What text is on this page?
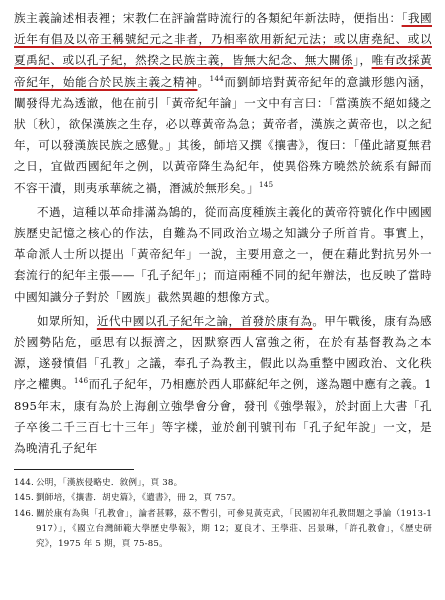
族主義論述相表裡；宋教仁在評論當時流行的各類紀年新法時，便指出：「我國近年有倡及以帝王稱號紀元之非者，乃相率欲用新紀元法；或以唐堯紀、或以夏禹紀、或以孔子紀，然揆之民族主義，皆無大紀念、無大關係」，唯有改採黃帝紀年，始能合於民族主義之精神。$^{144}$而劉師培對黃帝紀年的意識形態內涵，闡發得尤為透澈，他在前引「黃帝紀年論」一文中有言曰：「當漢族不絕如綫之狀〔秋〕，欲保漢族之生存，必以尊黃帝為急；黃帝者，漢族之黃帝也，以之紀年，可以發漢族民族之感覺。」其後，師培又撰《攘書》，復曰：「僅此諸夏無君之日，宜做西國紀年之例，以黃帝降生為紀年，使異俗殊方曉然於統系有歸而不容干瀆，則夷承華統之禍，潛滅於無形矣。」$^{145}$

不過，這種以革命排滿為鵠的，從而高度種族主義化的黃帝符號化作中國國族歷史記憶之核心的作法，自難為不同政治立場之知識分子所首肯。事實上，革命派人士所以提出「黃帝紀年」一說，主要用意之一，便在藉此對抗另外一套流行的紀年主張——「孔子紀年」；而這兩種不同的紀年辦法，也反映了當時中國知識分子對於「國族」截然異趣的想像方式。

如眾所知，近代中國以孔子紀年之論，首發於康有為。甲午戰後，康有為感於國勢阽危，亟思有以振濟之，因默察西人富強之術，在於有基督教為之本源，遂發憤倡「孔教」之議，奉孔子為教主，假此以為重整中國政治、文化秩序之權輿。$^{146}$而孔子紀年，乃相應於西人耶蘇紀年之例，遂為題中應有之義。1895年末，康有為於上海創立強學會分會，發刊《強學報》，於封面上大書「孔子卒後二千三百七十三年」等字樣，並於創刊號刊布「孔子紀年說」一文，是為晚清孔子紀年

144. 公明，「漢族侵略史．敘例」，頁 38。

145. 劉師培，《攘書．胡史篇》，《遺書》，冊 2，頁 757。

146. 關於康有為與「孔教會」，論者甚夥，茲不暫引，可參見黃克武，「民國初年孔教問題之爭論（1913-1917）」，《國立台灣師範大學歷史學報》，期 12；夏良才、王學莊、呂景琳，「許孔教會」，《歷史研究》，1975 年 5 期，頁 75-85。
